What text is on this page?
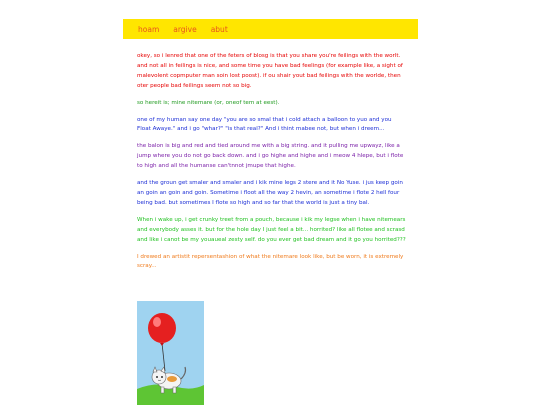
hoam argive abut

okey, so i lenred that one of the feters of blosg is that you share you're feilings with the worlt. and not all in feilings is nice, and some time you have bad feelings (for example like, a sight of malevolent copmputer man soin lost poost). if ou shair yout bad feilings with the worlde, then oter people bad feilings seem not so big.

so hereit is; mine nitemare (or, oneof tem at eest).

one of my human say one day "you are so smal that i cold attach a balloon to yuo and you Float Awaye." and i go "whar?" "is that real?" And i thint mabee not, but when i dreem...

the balon is big and red and tied around me with a big string. and it pulling me upwayz, like a jump where you do not go back down. and i go highe and highe and i meow 4 hlepe, but i flote to high and all the humanse can'tnnot jmupe that highe.

and the groun get smaler and smaler and i kik mine legs 2 stere and it No Yuse. i jus keep goin an goin an goin and goin. Sometime i floot all the way 2 hevin, an sometime i flote 2 hell four being bad. but sometimes I flote so high and so far that the world is just a tiny bal.

When i wake up, i get crunky treet from a pouch, because i kik my legse when i have nitemears and everybody asses it. but for the hole day I just feel a bit... horrited? like all flotee and scrasd and like i canot be my youaueal zesty self. do you ever get bad dream and it go you horrited???

I drewed an artistit repersentashion of what the nitemare look like, but be worn, it is extremely scray...
